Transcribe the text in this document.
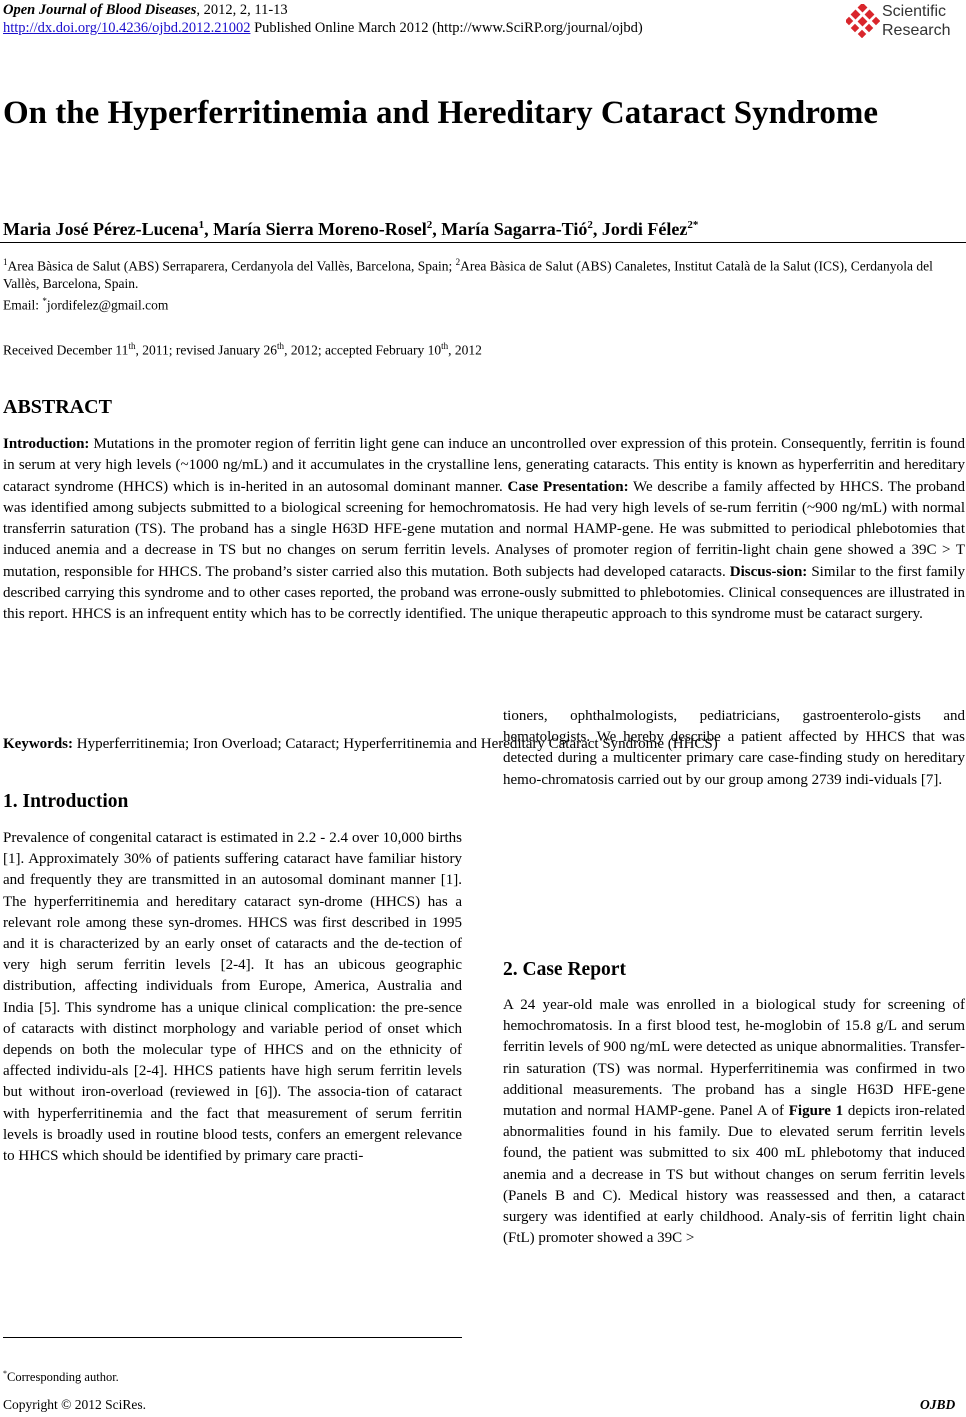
Open Journal of Blood Diseases, 2012, 2, 11-13
http://dx.doi.org/10.4236/ojbd.2012.21002 Published Online March 2012 (http://www.SciRP.org/journal/ojbd)
Scientific
Research
On the Hyperferritinemia and Hereditary Cataract Syndrome
Maria José Pérez-Lucena$^1$, María Sierra Moreno-Rosel$^2$, María Sagarra-Tió$^2$, Jordi Félez$^{2*}$
$^1$Area Bàsica de Salut (ABS) Serraparera, Cerdanyola del Vallès, Barcelona, Spain; $^2$Area Bàsica de Salut (ABS) Canaletes, Institut Català de la Salut (ICS), Cerdanyola del Vallès, Barcelona, Spain.
Email: *jordifelez@gmail.com
Received December 11th, 2011; revised January 26th, 2012; accepted February 10th, 2012
ABSTRACT

Introduction: Mutations in the promoter region of ferritin light gene can induce an uncontrolled over expression of this protein. Consequently, ferritin is found in serum at very high levels (~1000 ng/mL) and it accumulates in the crystalline lens, generating cataracts. This entity is known as hyperferritin and hereditary cataract syndrome (HHCS) which is in-herited in an autosomal dominant manner. Case Presentation: We describe a family affected by HHCS. The proband was identified among subjects submitted to a biological screening for hemochromatosis. He had very high levels of se-rum ferritin (~900 ng/mL) with normal transferrin saturation (TS). The proband has a single H63D HFE-gene mutation and normal HAMP-gene. He was submitted to periodical phlebotomies that induced anemia and a decrease in TS but no changes on serum ferritin levels. Analyses of promoter region of ferritin-light chain gene showed a 39C > T mutation, responsible for HHCS. The proband’s sister carried also this mutation. Both subjects had developed cataracts. Discus-sion: Similar to the first family described carrying this syndrome and to other cases reported, the proband was errone-ously submitted to phlebotomies. Clinical consequences are illustrated in this report. HHCS is an infrequent entity which has to be correctly identified. The unique therapeutic approach to this syndrome must be cataract surgery.

Keywords: Hyperferritinemia; Iron Overload; Cataract; Hyperferritinemia and Hereditary Cataract Syndrome (HHCS)
1. Introduction

Prevalence of congenital cataract is estimated in 2.2 - 2.4 over 10,000 births [1]. Approximately 30% of patients suffering cataract have familiar history and frequently they are transmitted in an autosomal dominant manner [1]. The hyperferritinemia and hereditary cataract syn-drome (HHCS) has a relevant role among these syn-dromes. HHCS was first described in 1995 and it is characterized by an early onset of cataracts and the de-tection of very high serum ferritin levels [2-4]. It has an ubicous geographic distribution, affecting individuals from Europe, America, Australia and India [5]. This syndrome has a unique clinical complication: the pre-sence of cataracts with distinct morphology and variable period of onset which depends on both the molecular type of HHCS and on the ethnicity of affected individu-als [2-4]. HHCS patients have high serum ferritin levels but without iron-overload (reviewed in [6]). The associa-tion of cataract with hyperferritinemia and the fact that measurement of serum ferritin levels is broadly used in routine blood tests, confers an emergent relevance to HHCS which should be identified by primary care practi-

*Corresponding author.

tioners, ophthalmologists, pediatricians, gastroenterolo-gists and hematologists. We hereby describe a patient affected by HHCS that was detected during a multicenter primary care case-finding study on hereditary hemo-chromatosis carried out by our group among 2739 indi-viduals [7].

2. Case Report

A 24 year-old male was enrolled in a biological study for screening of hemochromatosis. In a first blood test, he-moglobin of 15.8 g/L and serum ferritin levels of 900 ng/mL were detected as unique abnormalities. Transfer-rin saturation (TS) was normal. Hyperferritinemia was confirmed in two additional measurements. The proband has a single H63D HFE-gene mutation and normal HAMP-gene. Panel A of Figure 1 depicts iron-related abnormalities found in his family. Due to elevated serum ferritin levels found, the patient was submitted to six 400 mL phlebotomy that induced anemia and a decrease in TS but without changes on serum ferritin levels (Panels B and C). Medical history was reassessed and then, a cataract surgery was identified at early childhood. Analy-sis of ferritin light chain (FtL) promoter showed a 39C >

Copyright © 2012 SciRes.	OJBD
